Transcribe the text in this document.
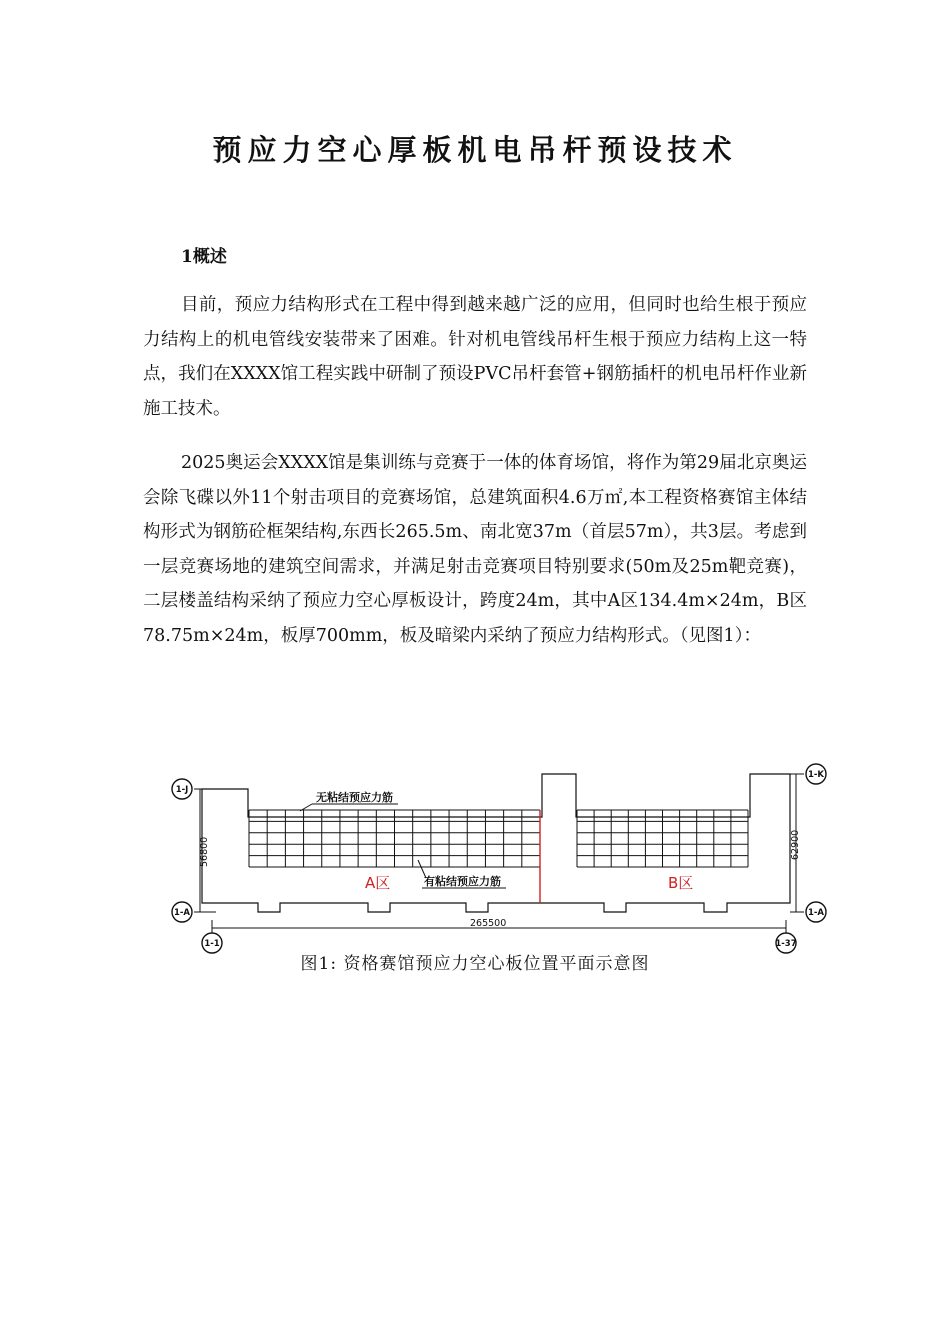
预应力空心厚板机电吊杆预设技术
1概述
目前，预应力结构形式在工程中得到越来越广泛的应用，但同时也给生根于预应力结构上的机电管线安装带来了困难。针对机电管线吊杆生根于预应力结构上这一特点，我们在XXXX馆工程实践中研制了预设PVC吊杆套管+钢筋插杆的机电吊杆作业新施工技术。
2025奥运会XXXX馆是集训练与竞赛于一体的体育场馆，将作为第29届北京奥运会除飞碟以外11个射击项目的竞赛场馆，总建筑面积4.6万㎡,本工程资格赛馆主体结构形式为钢筋砼框架结构,东西长265.5m、南北宽37m（首层57m），共3层。考虑到一层竞赛场地的建筑空间需求，并满足射击竞赛项目特别要求(50m及25m靶竞赛)，二层楼盖结构采纳了预应力空心厚板设计，跨度24m，其中A区134.4m×24m，B区78.75m×24m，板厚700mm，板及暗梁内采纳了预应力结构形式。（见图1）：
A区	B区
无粘结预应力筋
有粘结预应力筋
56800	62900
265500
1-J
1-A
1-K
1-A
1-1	1-37
图1: 资格赛馆预应力空心板位置平面示意图
